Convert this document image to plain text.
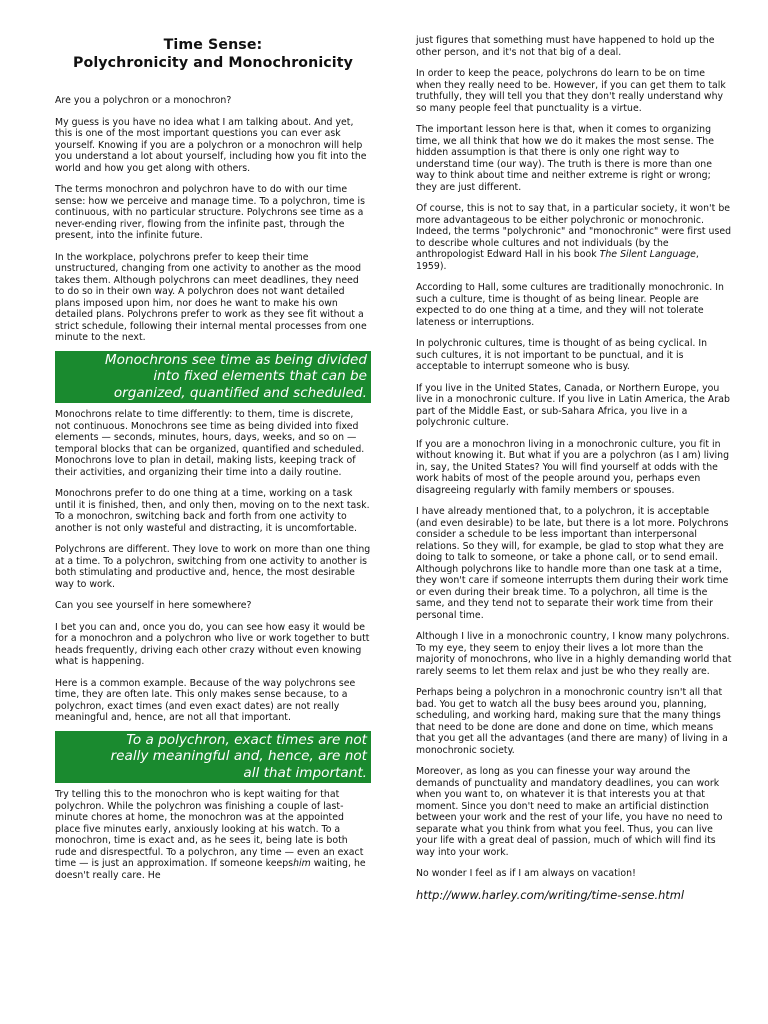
Time Sense:
Polychronicity and Monochronicity

Are you a polychron or a monochron?

My guess is you have no idea what I am talking about. And yet, this is one of the most important questions you can ever ask yourself. Knowing if you are a polychron or a monochron will help you understand a lot about yourself, including how you fit into the world and how you get along with others.

The terms monochron and polychron have to do with our time sense: how we perceive and manage time. To a polychron, time is continuous, with no particular structure. Polychrons see time as a never-ending river, flowing from the infinite past, through the present, into the infinite future.

In the workplace, polychrons prefer to keep their time unstructured, changing from one activity to another as the mood takes them. Although polychrons can meet deadlines, they need to do so in their own way. A polychron does not want detailed plans imposed upon him, nor does he want to make his own detailed plans. Polychrons prefer to work as they see fit without a strict schedule, following their internal mental processes from one minute to the next.

Monochrons see time as being divided
into fixed elements that can be
organized, quantified and scheduled.

Monochrons relate to time differently: to them, time is discrete, not continuous. Monochrons see time as being divided into fixed elements — seconds, minutes, hours, days, weeks, and so on — temporal blocks that can be organized, quantified and scheduled. Monochrons love to plan in detail, making lists, keeping track of their activities, and organizing their time into a daily routine.

Monochrons prefer to do one thing at a time, working on a task until it is finished, then, and only then, moving on to the next task. To a monochron, switching back and forth from one activity to another is not only wasteful and distracting, it is uncomfortable.

Polychrons are different. They love to work on more than one thing at a time. To a polychron, switching from one activity to another is both stimulating and productive and, hence, the most desirable way to work.

Can you see yourself in here somewhere?

I bet you can and, once you do, you can see how easy it would be for a monochron and a polychron who live or work together to butt heads frequently, driving each other crazy without even knowing what is happening.

Here is a common example. Because of the way polychrons see time, they are often late. This only makes sense because, to a polychron, exact times (and even exact dates) are not really meaningful and, hence, are not all that important.

To a polychron, exact times are not
really meaningful and, hence, are not
all that important.

Try telling this to the monochron who is kept waiting for that polychron. While the polychron was finishing a couple of last- minute chores at home, the monochron was at the appointed place five minutes early, anxiously looking at his watch. To a monochron, time is exact and, as he sees it, being late is both rude and disrespectful. To a polychron, any time — even an exact time — is just an approximation. If someone keepshim waiting, he doesn't really care. He

just figures that something must have happened to hold up the other person, and it's not that big of a deal.

In order to keep the peace, polychrons do learn to be on time when they really need to be. However, if you can get them to talk truthfully, they will tell you that they don't really understand why so many people feel that punctuality is a virtue.

The important lesson here is that, when it comes to organizing time, we all think that how we do it makes the most sense. The hidden assumption is that there is only one right way to understand time (our way). The truth is there is more than one way to think about time and neither extreme is right or wrong; they are just different.

Of course, this is not to say that, in a particular society, it won't be more advantageous to be either polychronic or monochronic. Indeed, the terms "polychronic" and "monochronic" were first used to describe whole cultures and not individuals (by the anthropologist Edward Hall in his book The Silent Language, 1959).

According to Hall, some cultures are traditionally monochronic. In such a culture, time is thought of as being linear. People are expected to do one thing at a time, and they will not tolerate lateness or interruptions.

In polychronic cultures, time is thought of as being cyclical. In such cultures, it is not important to be punctual, and it is acceptable to interrupt someone who is busy.

If you live in the United States, Canada, or Northern Europe, you live in a monochronic culture. If you live in Latin America, the Arab part of the Middle East, or sub-Sahara Africa, you live in a polychronic culture.

If you are a monochron living in a monochronic culture, you fit in without knowing it. But what if you are a polychron (as I am) living in, say, the United States? You will find yourself at odds with the work habits of most of the people around you, perhaps even disagreeing regularly with family members or spouses.

I have already mentioned that, to a polychron, it is acceptable (and even desirable) to be late, but there is a lot more. Polychrons consider a schedule to be less important than interpersonal relations. So they will, for example, be glad to stop what they are doing to talk to someone, or take a phone call, or to send email. Although polychrons like to handle more than one task at a time, they won't care if someone interrupts them during their work time or even during their break time. To a polychron, all time is the same, and they tend not to separate their work time from their personal time.

Although I live in a monochronic country, I know many polychrons. To my eye, they seem to enjoy their lives a lot more than the majority of monochrons, who live in a highly demanding world that rarely seems to let them relax and just be who they really are.

Perhaps being a polychron in a monochronic country isn't all that bad. You get to watch all the busy bees around you, planning, scheduling, and working hard, making sure that the many things that need to be done are done and done on time, which means that you get all the advantages (and there are many) of living in a monochronic society.

Moreover, as long as you can finesse your way around the demands of punctuality and mandatory deadlines, you can work when you want to, on whatever it is that interests you at that moment. Since you don't need to make an artificial distinction between your work and the rest of your life, you have no need to separate what you think from what you feel. Thus, you can live your life with a great deal of passion, much of which will find its way into your work.

No wonder I feel as if I am always on vacation!

http://www.harley.com/writing/time-sense.html
